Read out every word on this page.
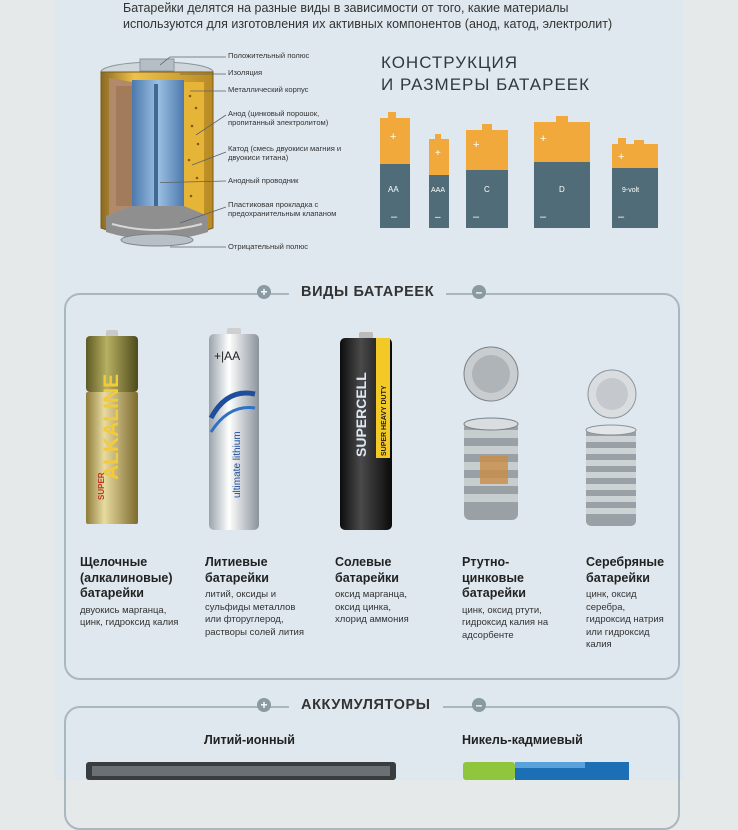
Батарейки делятся на разные виды в зависимости от того, какие материалы
используются для изготовления их активных компонентов (анод, катод, электролит)
Положительный полюс
Изоляция
Металлический корпус
Анод (цинковый порошок, пропитанный электролитом)
Катод (смесь двуокиси магния и двуокиси титана)
Анодный проводник
Пластиковая прокладка с предохранительным клапаном
Отрицательный полюс
КОНСТРУКЦИЯ
И РАЗМЕРЫ БАТАРЕЕК
+
AA
–
+
AAA
–
+
C
–
+
D
–
+
9-volt
–
+	–
ВИДЫ БАТАРЕЕК
ALKALINE
SUPER
+|AA
ultimate lithium
SUPERCELL SUPER HEAVY DUTY
Щелочные (алкалиновые) батарейки
двуокись марганца, цинк, гидроксид калия
Литиевые батарейки
литий, оксиды и сульфиды металлов или фторуглерод, растворы солей лития
Солевые батарейки
оксид марганца, оксид цинка, хлорид аммония
Ртутно-цинковые батарейки
цинк, оксид ртути, гидроксид калия на адсорбенте
Серебряные батарейки
цинк, оксид серебра, гидроксид натрия или гидроксид калия
+	–
АККУМУЛЯТОРЫ
Литий-ионный	Никель-кадмиевый
